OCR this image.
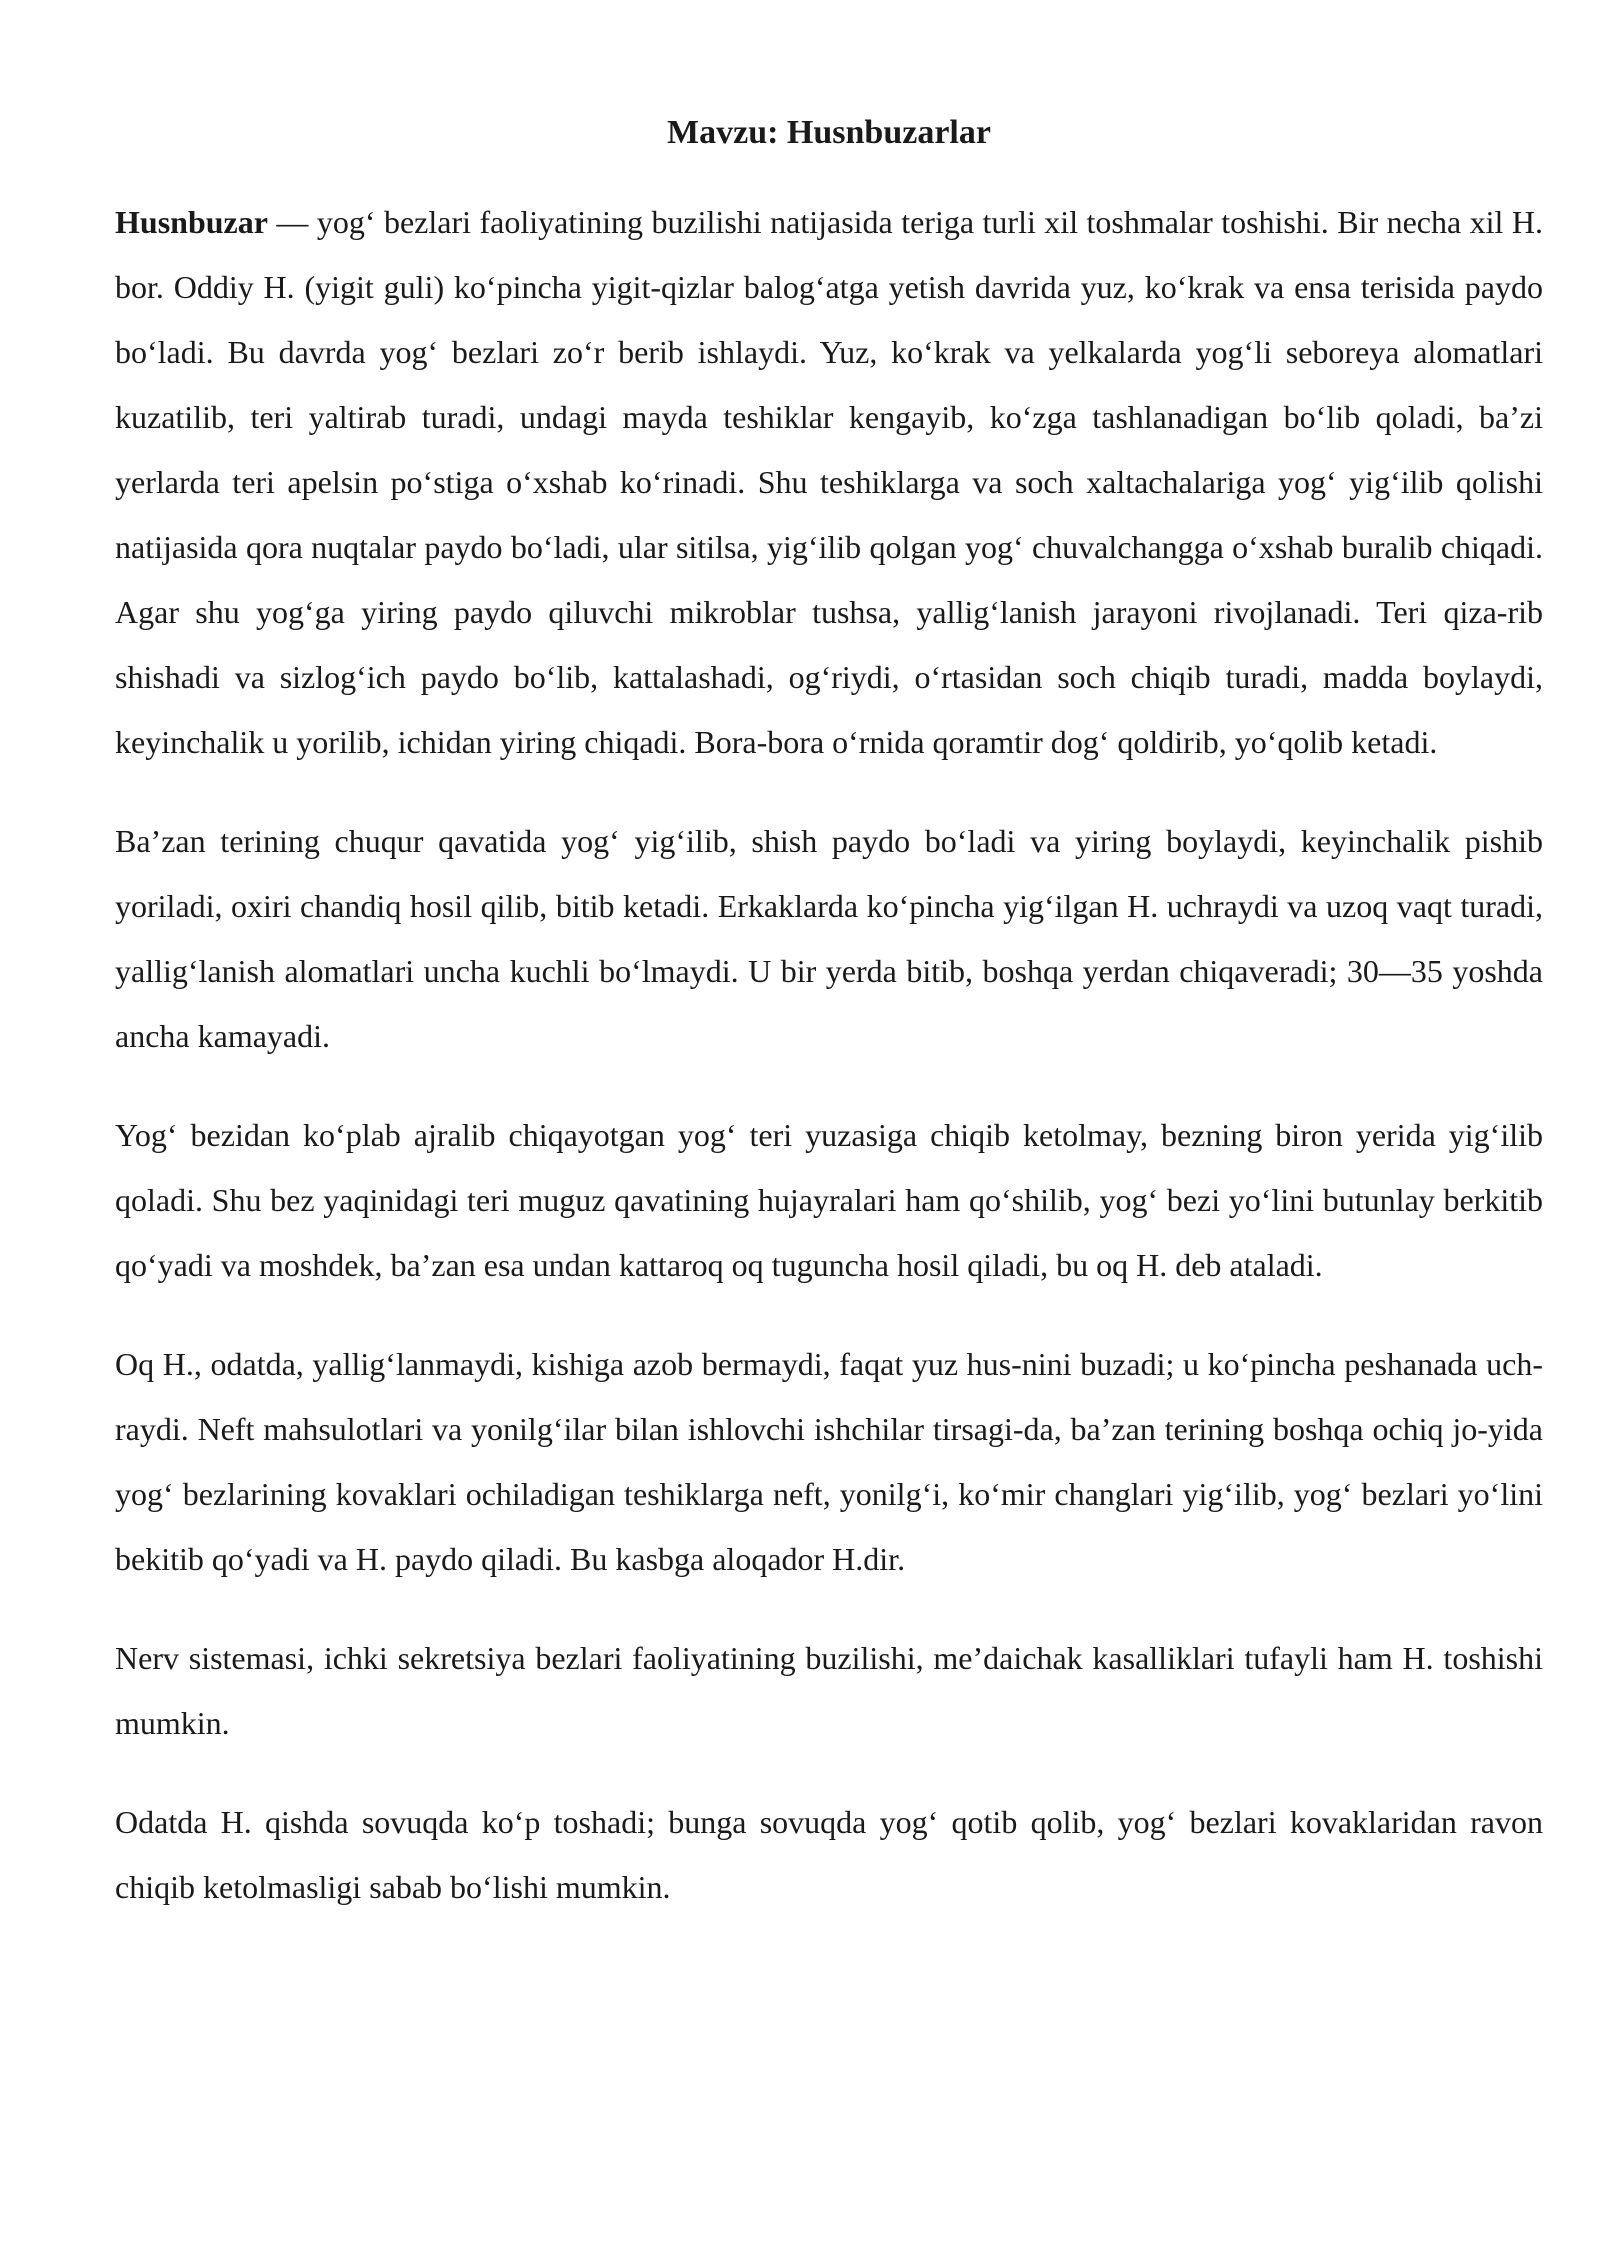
Mavzu: Husnbuzarlar

Husnbuzar — yog‘ bezlari faoliyatining buzilishi natijasida teriga turli xil toshmalar toshishi. Bir necha xil H. bor. Oddiy H. (yigit guli) ko‘pincha yigit-qizlar balog‘atga yetish davrida yuz, ko‘krak va ensa terisida paydo bo‘ladi. Bu davrda yog‘ bezlari zo‘r berib ishlaydi. Yuz, ko‘krak va yelkalarda yog‘li seboreya alomatlari kuzatilib, teri yaltirab turadi, undagi mayda teshiklar kengayib, ko‘zga tashlanadigan bo‘lib qoladi, ba’zi yerlarda teri apelsin po‘stiga o‘xshab ko‘rinadi. Shu teshiklarga va soch xaltachalariga yog‘ yig‘ilib qolishi natijasida qora nuqtalar paydo bo‘ladi, ular sitilsa, yig‘ilib qolgan yog‘ chuvalchangga o‘xshab buralib chiqadi. Agar shu yog‘ga yiring paydo qiluvchi mikroblar tushsa, yallig‘lanish jarayoni rivojlanadi. Teri qiza-rib shishadi va sizlog‘ich paydo bo‘lib, kattalashadi, og‘riydi, o‘rtasidan soch chiqib turadi, madda boylaydi, keyinchalik u yorilib, ichidan yiring chiqadi. Bora-bora o‘rnida qoramtir dog‘ qoldirib, yo‘qolib ketadi.

Ba’zan terining chuqur qavatida yog‘ yig‘ilib, shish paydo bo‘ladi va yiring boylaydi, keyinchalik pishib yoriladi, oxiri chandiq hosil qilib, bitib ketadi. Erkaklarda ko‘pincha yig‘ilgan H. uchraydi va uzoq vaqt turadi, yallig‘lanish alomatlari uncha kuchli bo‘lmaydi. U bir yerda bitib, boshqa yerdan chiqaveradi; 30—35 yoshda ancha kamayadi.

Yog‘ bezidan ko‘plab ajralib chiqayotgan yog‘ teri yuzasiga chiqib ketolmay, bezning biron yerida yig‘ilib qoladi. Shu bez yaqinidagi teri muguz qavatining hujayralari ham qo‘shilib, yog‘ bezi yo‘lini butunlay berkitib qo‘yadi va moshdek, ba’zan esa undan kattaroq oq tuguncha hosil qiladi, bu oq H. deb ataladi.

Oq H., odatda, yallig‘lanmaydi, kishiga azob bermaydi, faqat yuz hus-nini buzadi; u ko‘pincha peshanada uch-raydi. Neft mahsulotlari va yonilg‘ilar bilan ishlovchi ishchilar tirsagi-da, ba’zan terining boshqa ochiq jo-yida yog‘ bezlarining kovaklari ochiladigan teshiklarga neft, yonilg‘i, ko‘mir changlari yig‘ilib, yog‘ bezlari yo‘lini bekitib qo‘yadi va H. paydo qiladi. Bu kasbga aloqador H.dir.

Nerv sistemasi, ichki sekretsiya bezlari faoliyatining buzilishi, me’daichak kasalliklari tufayli ham H. toshishi mumkin.

Odatda H. qishda sovuqda ko‘p toshadi; bunga sovuqda yog‘ qotib qolib, yog‘ bezlari kovaklaridan ravon chiqib ketolmasligi sabab bo‘lishi mumkin.
